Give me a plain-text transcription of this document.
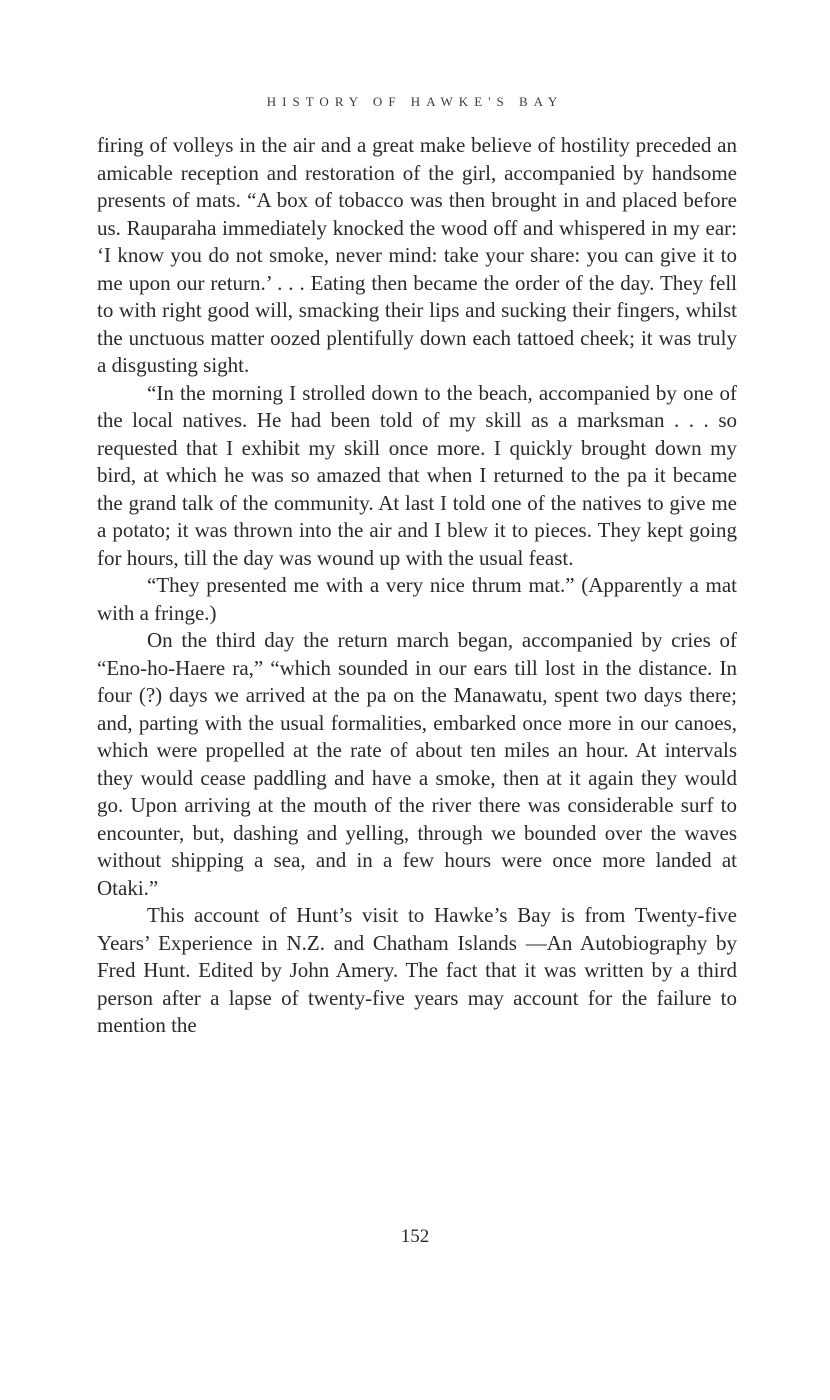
HISTORY OF HAWKE'S BAY

firing of volleys in the air and a great make believe of hostility preceded an amicable reception and restoration of the girl, accompanied by handsome presents of mats. “A box of tobacco was then brought in and placed before us. Rauparaha immediately knocked the wood off and whispered in my ear: ‘I know you do not smoke, never mind: take your share: you can give it to me upon our return.’ . . . Eating then became the order of the day. They fell to with right good will, smacking their lips and sucking their fingers, whilst the unctuous matter oozed plentifully down each tattoed cheek; it was truly a disgusting sight.

“In the morning I strolled down to the beach, accompanied by one of the local natives. He had been told of my skill as a marksman . . . so requested that I exhibit my skill once more. I quickly brought down my bird, at which he was so amazed that when I returned to the pa it became the grand talk of the community. At last I told one of the natives to give me a potato; it was thrown into the air and I blew it to pieces. They kept going for hours, till the day was wound up with the usual feast.

“They presented me with a very nice thrum mat.” (Apparently a mat with a fringe.)

On the third day the return march began, accompanied by cries of “Eno-ho-Haere ra,” “which sounded in our ears till lost in the distance. In four (?) days we arrived at the pa on the Manawatu, spent two days there; and, parting with the usual formalities, embarked once more in our canoes, which were propelled at the rate of about ten miles an hour. At intervals they would cease paddling and have a smoke, then at it again they would go. Upon arriving at the mouth of the river there was considerable surf to encounter, but, dashing and yelling, through we bounded over the waves without shipping a sea, and in a few hours were once more landed at Otaki.”

This account of Hunt’s visit to Hawke’s Bay is from Twenty-five Years’ Experience in N.Z. and Chatham Islands —An Autobiography by Fred Hunt. Edited by John Amery. The fact that it was written by a third person after a lapse of twenty-five years may account for the failure to mention the

152
